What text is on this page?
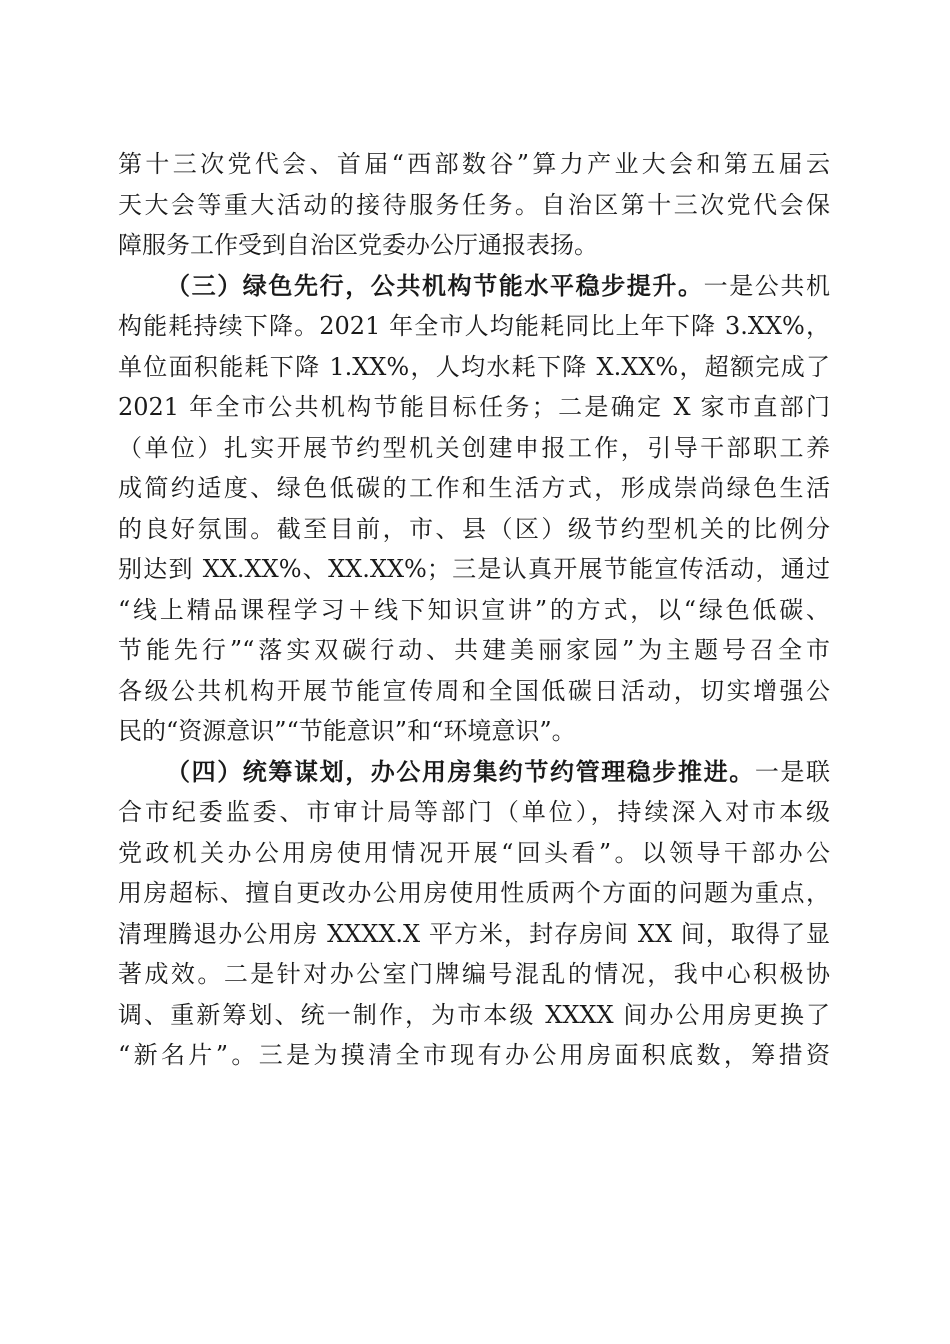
第十三次党代会、首届“西部数谷”算力产业大会和第五届云
天大会等重大活动的接待服务任务。自治区第十三次党代会保
障服务工作受到自治区党委办公厅通报表扬。
（三）绿色先行，公共机构节能水平稳步提升。一是公共机
构能耗持续下降。2021 年全市人均能耗同比上年下降 3.XX%，
单位面积能耗下降 1.XX%，人均水耗下降 X.XX%，超额完成了
2021 年全市公共机构节能目标任务；二是确定 X 家市直部门
（单位）扎实开展节约型机关创建申报工作，引导干部职工养
成简约适度、绿色低碳的工作和生活方式，形成崇尚绿色生活
的良好氛围。截至目前，市、县（区）级节约型机关的比例分
别达到 XX.XX%、XX.XX%；三是认真开展节能宣传活动，通过
“线上精品课程学习＋线下知识宣讲”的方式，以“绿色低碳、
节能先行”“落实双碳行动、共建美丽家园”为主题号召全市
各级公共机构开展节能宣传周和全国低碳日活动，切实增强公
民的“资源意识”“节能意识”和“环境意识”。
（四）统筹谋划，办公用房集约节约管理稳步推进。一是联
合市纪委监委、市审计局等部门（单位），持续深入对市本级
党政机关办公用房使用情况开展“回头看”。以领导干部办公
用房超标、擅自更改办公用房使用性质两个方面的问题为重点，
清理腾退办公用房 XXXX.X 平方米，封存房间 XX 间，取得了显
著成效。二是针对办公室门牌编号混乱的情况，我中心积极协
调、重新筹划、统一制作，为市本级 XXXX 间办公用房更换了
“新名片”。三是为摸清全市现有办公用房面积底数，筹措资
